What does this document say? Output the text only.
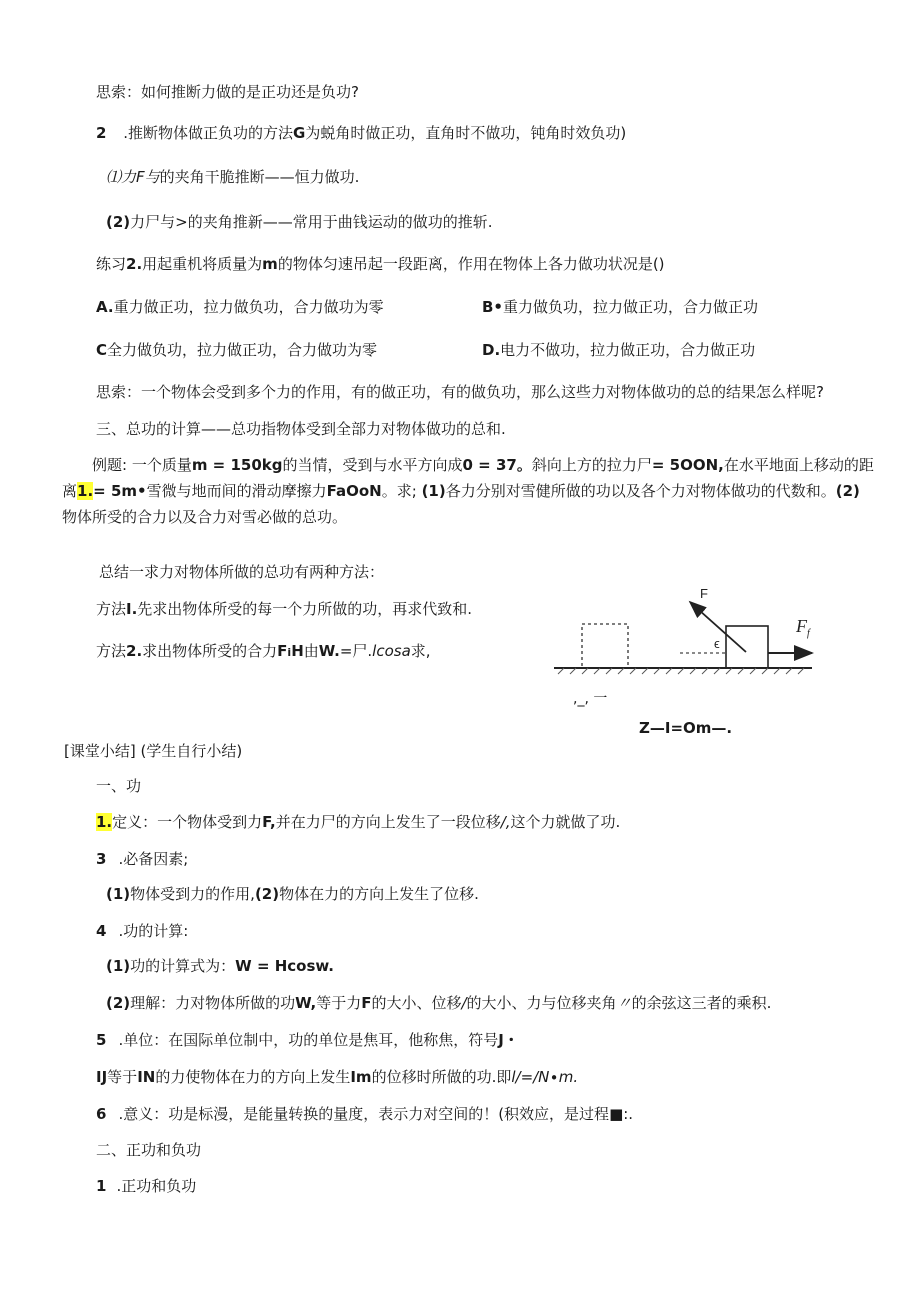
思索：如何推断力做的是正功还是负功?
2 .推断物体做正负功的方法G为蜕角时做正功，直角时不做功，钝角时效负功)
⑴力F与的夹角干脆推断——恒力做功.
(2)力尸与>的夹角推新——常用于曲钱运动的做功的推斩.
练习2.用起重机将质量为m的物体匀速吊起一段距离，作用在物体上各力做功状况是()
A.重力做正功，拉力做负功，合力做功为零	B•重力做负功，拉力做正功，合力做正功
C全力做负功，拉力做正功，合力做功为零	D.电力不做功，拉力做正功，合力做正功
思索：一个物体会受到多个力的作用，有的做正功，有的做负功，那么这些力对物体做功的总的结果怎么样呢?
三、总功的计算——总功指物体受到全部力对物体做功的总和.
例题: 一个质量m = 150kg的当情，受到与水平方向成0 = 37。斜向上方的拉力尸= 5OON,在水平地面上移动的距
离1.= 5m•雪微与地而间的滑动摩擦力FaOoN。求; (1)各力分别对雪健所做的功以及各个力对物体做功的代数和。(2)
物体所受的合力以及合力对雪必做的总功。
总结一求力对物体所做的总功有两种方法：
方法I.先求出物体所受的每一个力所做的功，再求代致和.
方法2.求出物体所受的合力FiH由W.=尸.lcosa求,
F
ϵ
$F_f$
,_, 一
Z—I=Om—.
[课堂小结] (学生自行小结)
一、功
1.定义：一个物体受到力F,并在力尸的方向上发生了一段位移/,这个力就做了功.
3 .必备因素;
(1)物体受到力的作用,(2)物体在力的方向上发生了位移.
4 .功的计算:
(1)功的计算式为：W = Hcosw.
(2)理解：力对物体所做的功W,等于力F的大小、位移/的大小、力与位移夹角〃的余弦这三者的乘积.
5 .单位：在国际单位制中，功的单位是焦耳，他称焦，符号J・
IJ等于IN的力使物体在力的方向上发生Im的位移时所做的功.即l/=/N∙m.
6 .意义：功是标漫，是能量转换的量度，表示力对空间的！(积效应，是过程■:.
二、正功和负功
1 .正功和负功
